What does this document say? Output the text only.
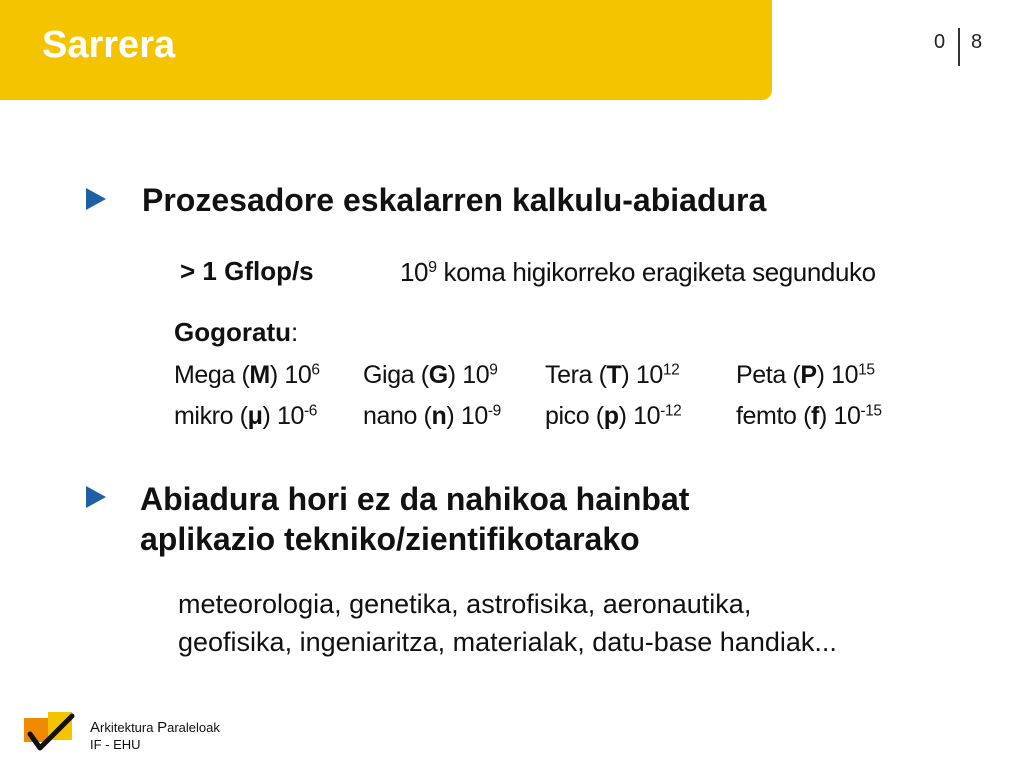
Sarrera	0 8
Prozesadore eskalarren kalkulu-abiadura
> 1 Gflop/s	$10^9$ koma higikorreko eragiketa segunduko
Gogoratu:
Mega (M) $10^6$ Giga (G) $10^9$ Tera (T) $10^{12}$ Peta (P) $10^{15}$
mikro (μ) $10^{-6}$ nano (n) $10^{-9}$ pico (p) $10^{-12}$ femto (f) $10^{-15}$
Abiadura hori ez da nahikoa hainbat
aplikazio tekniko/zientifikotarako

meteorologia, genetika, astrofisika, aeronautika,
geofisika, ingeniaritza, materialak, datu-base handiak...

Arkitektura Paraleloak
IF - EHU
